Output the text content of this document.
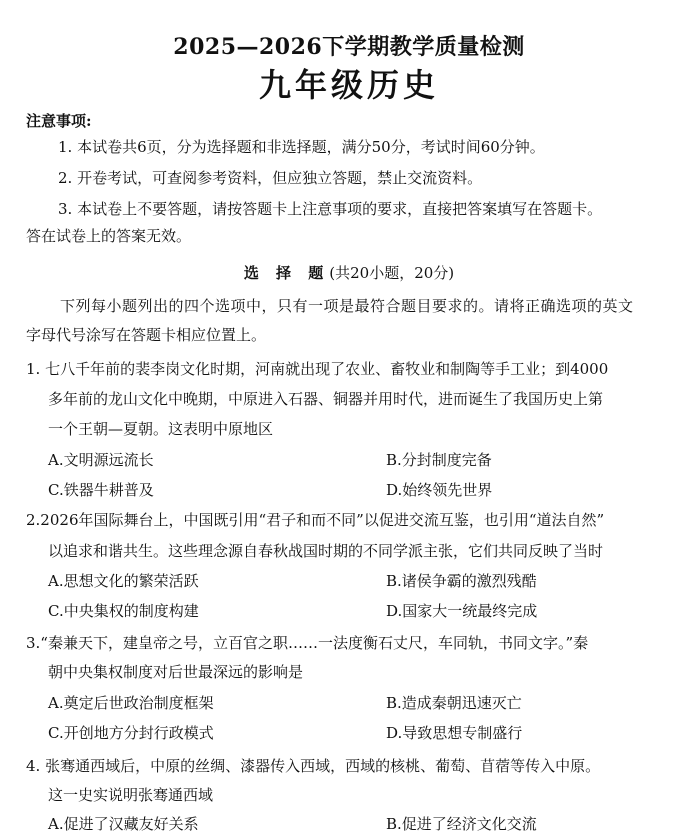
2025—2026下学期教学质量检测
九年级历史
注意事项:
1. 本试卷共6页，分为选择题和非选择题，满分50分，考试时间60分钟。
2. 开卷考试，可查阅参考资料，但应独立答题，禁止交流资料。
3. 本试卷上不要答题，请按答题卡上注意事项的要求，直接把答案填写在答题卡。
答在试卷上的答案无效。
选 择 题(共20小题，20分)
下列每小题列出的四个选项中，只有一项是最符合题目要求的。请将正确选项的英文
字母代号涂写在答题卡相应位置上。
1. 七八千年前的裴李岗文化时期，河南就出现了农业、畜牧业和制陶等手工业；到4000
多年前的龙山文化中晚期，中原进入石器、铜器并用时代，进而诞生了我国历史上第
一个王朝—夏朝。这表明中原地区
A.文明源远流长	B.分封制度完备
C.铁器牛耕普及	D.始终领先世界
2.2026年国际舞台上，中国既引用“君子和而不同”以促进交流互鉴，也引用“道法自然”
以追求和谐共生。这些理念源自春秋战国时期的不同学派主张，它们共同反映了当时
A.思想文化的繁荣活跃	B.诸侯争霸的激烈残酷
C.中央集权的制度构建	D.国家大一统最终完成
3.“秦兼天下，建皇帝之号，立百官之职……一法度衡石丈尺，车同轨，书同文字。”秦
朝中央集权制度对后世最深远的影响是
A.奠定后世政治制度框架	B.造成秦朝迅速灭亡
C.开创地方分封行政模式	D.导致思想专制盛行
4. 张骞通西域后，中原的丝绸、漆器传入西域，西域的核桃、葡萄、苜蓿等传入中原。
这一史实说明张骞通西域
A.促进了汉藏友好关系	B.促进了经济文化交流
